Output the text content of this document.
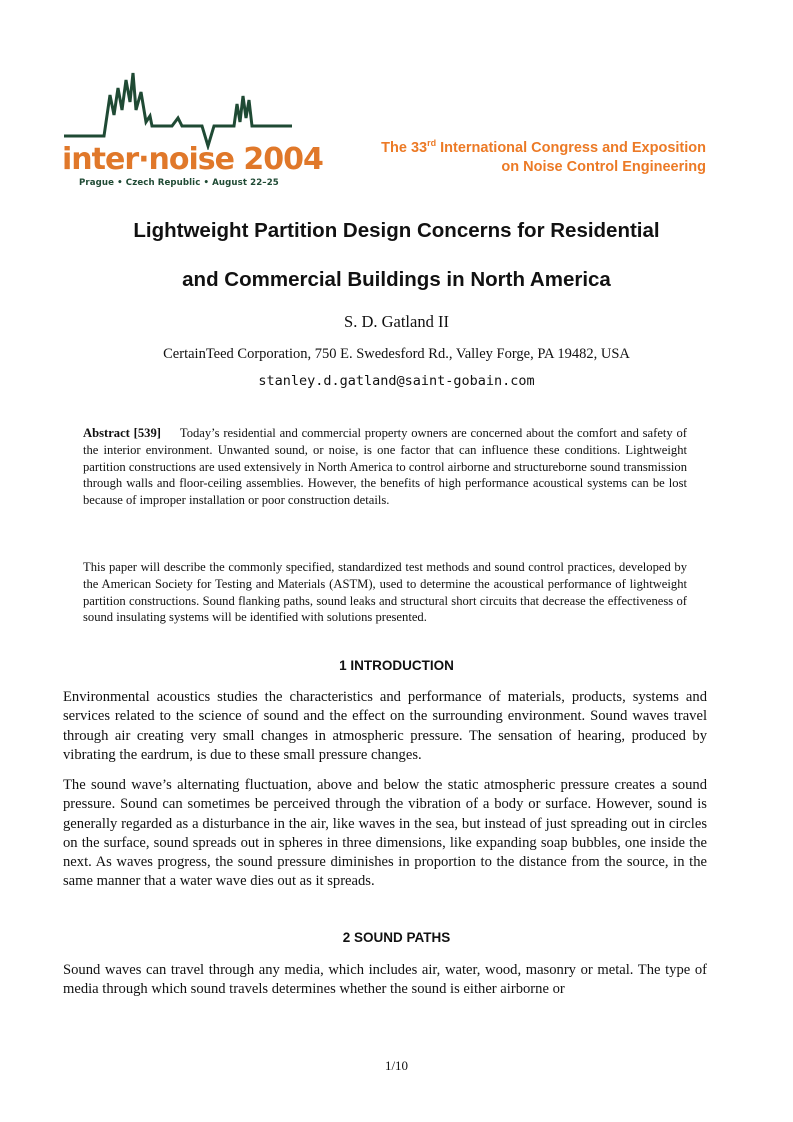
inter·noise 2004
Prague • Czech Republic • August 22–25
The 33rd International Congress and Exposition
on Noise Control Engineering
Lightweight Partition Design Concerns for Residential
and Commercial Buildings in North America
S. D. Gatland II
CertainTeed Corporation, 750 E. Swedesford Rd., Valley Forge, PA 19482, USA
stanley.d.gatland@saint-gobain.com
Abstract [539] Today’s residential and commercial property owners are concerned about the comfort and safety of the interior environment. Unwanted sound, or noise, is one factor that can influence these conditions. Lightweight partition constructions are used extensively in North America to control airborne and structureborne sound transmission through walls and floor-ceiling assemblies. However, the benefits of high performance acoustical systems can be lost because of improper installation or poor construction details.
This paper will describe the commonly specified, standardized test methods and sound control practices, developed by the American Society for Testing and Materials (ASTM), used to determine the acoustical performance of lightweight partition constructions. Sound flanking paths, sound leaks and structural short circuits that decrease the effectiveness of sound insulating systems will be identified with solutions presented.
1 INTRODUCTION
Environmental acoustics studies the characteristics and performance of materials, products, systems and services related to the science of sound and the effect on the surrounding environment. Sound waves travel through air creating very small changes in atmospheric pressure. The sensation of hearing, produced by vibrating the eardrum, is due to these small pressure changes.
The sound wave’s alternating fluctuation, above and below the static atmospheric pressure creates a sound pressure. Sound can sometimes be perceived through the vibration of a body or surface. However, sound is generally regarded as a disturbance in the air, like waves in the sea, but instead of just spreading out in circles on the surface, sound spreads out in spheres in three dimensions, like expanding soap bubbles, one inside the next. As waves progress, the sound pressure diminishes in proportion to the distance from the source, in the same manner that a water wave dies out as it spreads.
2 SOUND PATHS
Sound waves can travel through any media, which includes air, water, wood, masonry or metal. The type of media through which sound travels determines whether the sound is either airborne or
1/10
